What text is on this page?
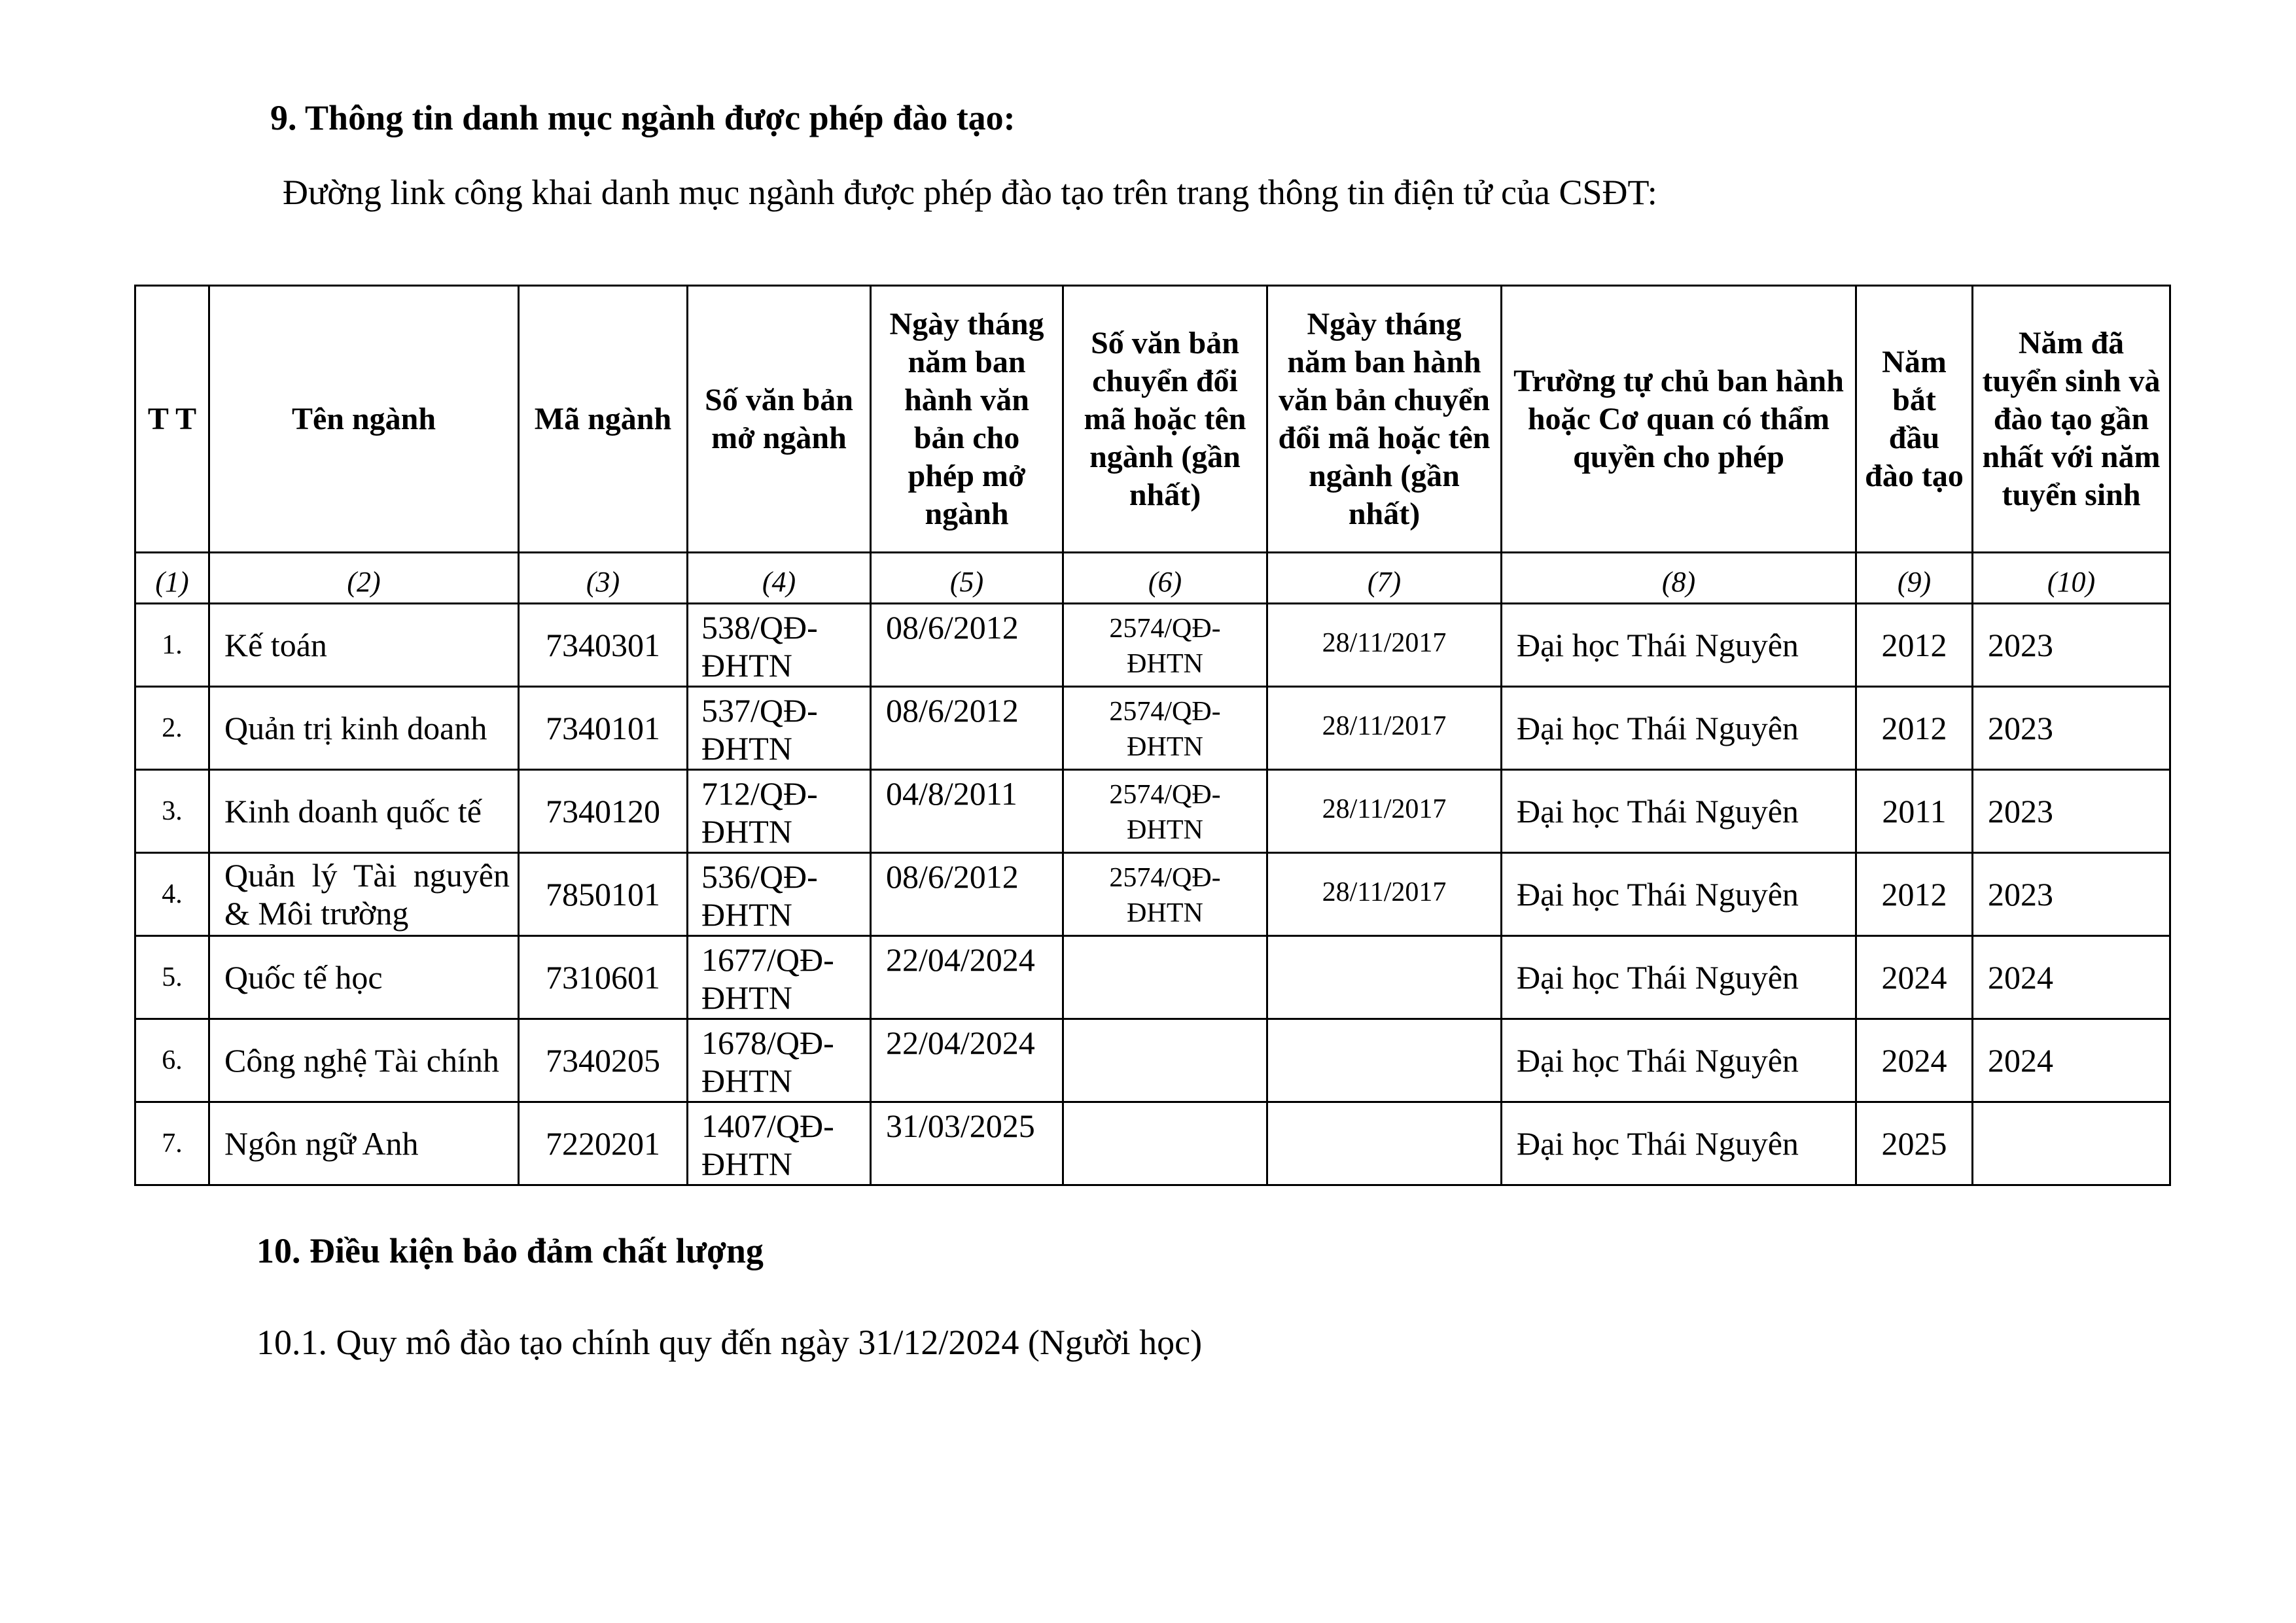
9. Thông tin danh mục ngành được phép đào tạo:

Đường link công khai danh mục ngành được phép đào tạo trên trang thông tin điện tử của CSĐT:

T T	Tên ngành	Mã ngành	Số văn bản mở ngành	Ngày tháng năm ban hành văn bản cho phép mở ngành	Số văn bản chuyển đổi mã hoặc tên ngành (gần nhất)	Ngày tháng năm ban hành văn bản chuyển đổi mã hoặc tên ngành (gần nhất)	Trường tự chủ ban hành hoặc Cơ quan có thẩm quyền cho phép	Năm bắt đầu đào tạo	Năm đã tuyển sinh và đào tạo gần nhất với năm tuyển sinh
(1)	(2)	(3)	(4)	(5)	(6)	(7)	(8)	(9)	(10)
1.	Kế toán	7340301	538/QĐ-ĐHTN	08/6/2012	2574/QĐ-ĐHTN	28/11/2017	Đại học Thái Nguyên	2012	2023
2.	Quản trị kinh doanh	7340101	537/QĐ-ĐHTN	08/6/2012	2574/QĐ-ĐHTN	28/11/2017	Đại học Thái Nguyên	2012	2023
3.	Kinh doanh quốc tế	7340120	712/QĐ-ĐHTN	04/8/2011	2574/QĐ-ĐHTN	28/11/2017	Đại học Thái Nguyên	2011	2023
4.	Quản lý Tài nguyên & Môi trường	7850101	536/QĐ-ĐHTN	08/6/2012	2574/QĐ-ĐHTN	28/11/2017	Đại học Thái Nguyên	2012	2023
5.	Quốc tế học	7310601	1677/QĐ-ĐHTN	22/04/2024			Đại học Thái Nguyên	2024	2024
6.	Công nghệ Tài chính	7340205	1678/QĐ-ĐHTN	22/04/2024			Đại học Thái Nguyên	2024	2024
7.	Ngôn ngữ Anh	7220201	1407/QĐ-ĐHTN	31/03/2025			Đại học Thái Nguyên	2025	

10. Điều kiện bảo đảm chất lượng

10.1. Quy mô đào tạo chính quy đến ngày 31/12/2024 (Người học)
